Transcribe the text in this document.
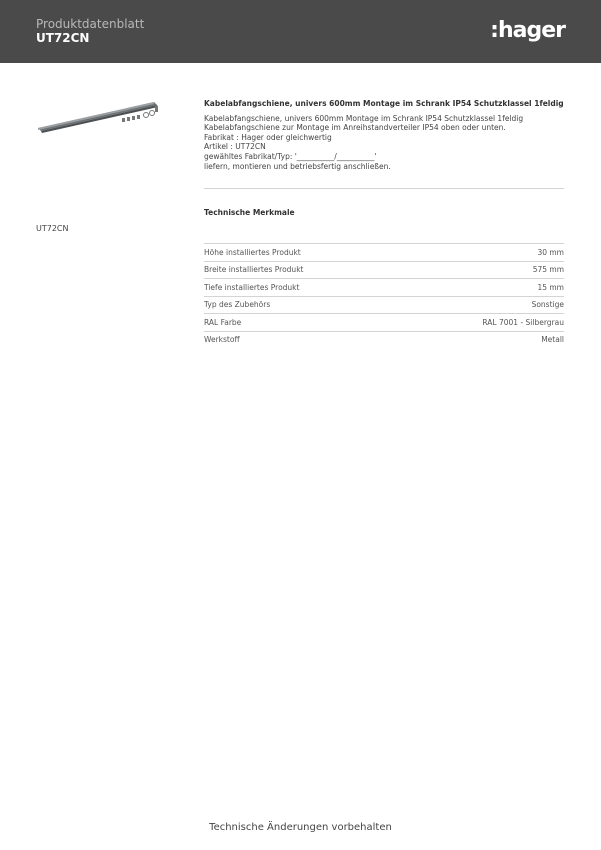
Produktdatenblatt
UT72CN	:hager
UT72CN
Kabelabfangschiene, univers 600mm Montage im Schrank IP54 Schutzklassel 1feldig
Kabelabfangschiene, univers 600mm Montage im Schrank IP54 Schutzklassel 1feldig
Kabelabfangschiene zur Montage im Anreihstandverteiler IP54 oben oder unten.
Fabrikat : Hager oder gleichwertig
Artikel : UT72CN
gewähltes Fabrikat/Typ: '__________/__________'
liefern, montieren und betriebsfertig anschließen.
Technische Merkmale
Höhe installiertes Produkt	30 mm
Breite installiertes Produkt	575 mm
Tiefe installiertes Produkt	15 mm
Typ des Zubehörs	Sonstige
RAL Farbe	RAL 7001 - Silbergrau
Werkstoff	Metall
Technische Änderungen vorbehalten
